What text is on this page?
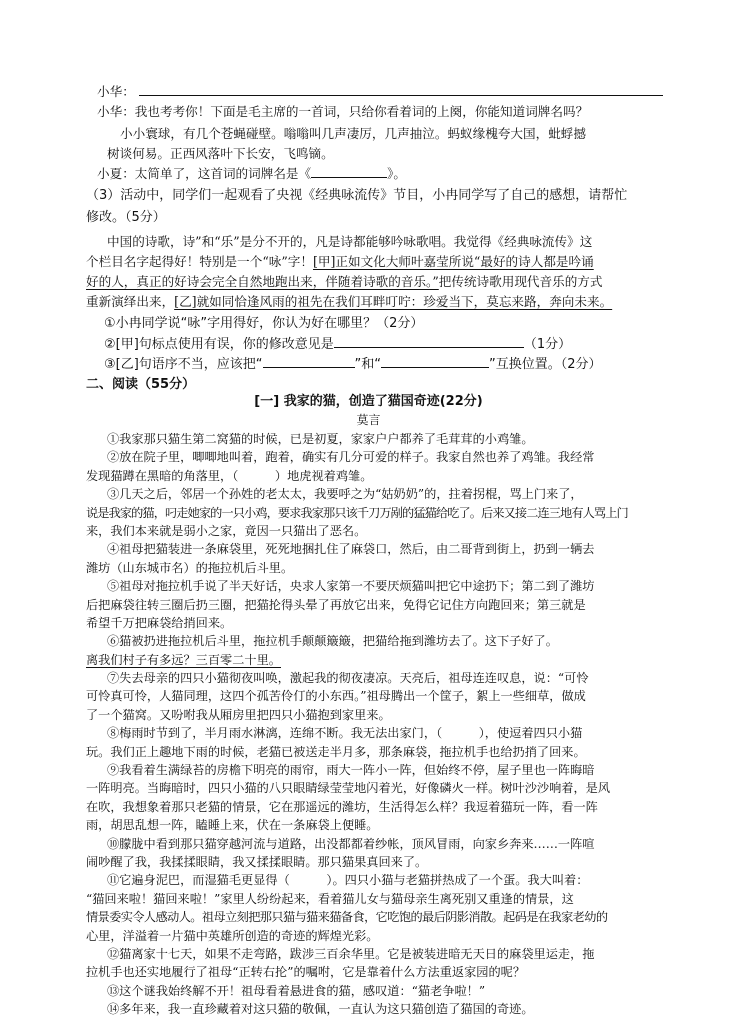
小华：
小华：我也考考你！下面是毛主席的一首词，只给你看着词的上阕，你能知道词牌名吗？
小小寰球，有几个苍蝇碰壁。嗡嗡叫几声凄厉，几声抽泣。蚂蚁缘槐夸大国，蚍蜉撼
树谈何易。正西风落叶下长安，飞鸣镝。
小夏：太简单了，这首词的词牌名是《	》。
（3）活动中，同学们一起观看了央视《经典咏流传》节目，小冉同学写了自己的感想，请帮忙
修改。（5分）
中国的诗歌，诗”和“乐”是分不开的，凡是诗都能够吟咏歌唱。我觉得《经典咏流传》这
个栏目名字起得好！特别是一个“咏”字！[甲]正如文化大师叶嘉莹所说“最好的诗人都是吟诵
好的人，真正的好诗会完全自然地跑出来，伴随着诗歌的音乐。”把传统诗歌用现代音乐的方式
重新演绎出来，[乙]就如同恰逢风雨的祖先在我们耳畔叮咛：珍爱当下，莫忘来路，奔向未来。
①小冉同学说“咏”字用得好，你认为好在哪里？（2分）
②[甲]句标点使用有误，你的修改意见是	（1分）
③[乙]句语序不当，应该把“	”和“	”互换位置。（2分）
二、阅读（55分）
[一] 我家的猫，创造了猫国奇迹(22分)
莫言
①我家那只猫生第二窝猫的时候，已是初夏，家家户户都养了毛茸茸的小鸡雏。
②放在院子里，唧唧地叫着，跑着，确实有几分可爱的样子。我家自然也养了鸡雏。我经常
发现猫蹲在黑暗的角落里，（　　　）地虎视着鸡雏。
③几天之后，邻居一个孙姓的老太太，我要呼之为“姑奶奶”的，拄着拐棍，骂上门来了，
说是我家的猫，叼走她家的一只小鸡，要求我家那只该千刀万剐的猛猫给吃了。后来又接二连三地有人骂上门
来，我们本来就是弱小之家，竟因一只猫出了恶名。
④祖母把猫装进一条麻袋里，死死地捆扎住了麻袋口，然后，由二哥背到街上，扔到一辆去
潍坊（山东城市名）的拖拉机后斗里。
⑤祖母对拖拉机手说了半天好话，央求人家第一不要厌烦猫叫把它中途扔下；第二到了潍坊
后把麻袋往转三圈后扔三圈，把猫抡得头晕了再放它出来，免得它记住方向跑回来；第三就是
希望千万把麻袋给捎回来。
⑥猫被扔进拖拉机后斗里，拖拉机手颠颠簸簸，把猫给拖到潍坊去了。这下子好了。
离我们村子有多远？三百零二十里。
⑦失去母亲的四只小猫彻夜叫唤，激起我的彻夜凄凉。天亮后，祖母连连叹息，说：“可怜
可怜真可怜，人猫同理，这四个孤苦伶仃的小东西。”祖母腾出一个筐子，絮上一些细草，做成
了一个猫窝。又吩咐我从厢房里把四只小猫抱到家里来。
⑧梅雨时节到了，半月雨水淋漓，连绵不断。我无法出家门，（　　　），使逗着四只小猫
玩。我们正上趣地下雨的时候，老猫已被送走半月多，那条麻袋，拖拉机手也给扔捎了回来。
⑨我看着生满绿苔的房檐下明亮的雨帘，雨大一阵小一阵，但始终不停，屋子里也一阵晦暗
一阵明亮。当晦暗时，四只小猫的八只眼睛绿莹莹地闪着光，好像磷火一样。树叶沙沙响着，是风
在吹，我想象着那只老猫的情景，它在那遥远的潍坊，生活得怎么样？我逗着猫玩一阵，看一阵
雨，胡思乱想一阵，瞌睡上来，伏在一条麻袋上便睡。
⑩朦胧中看到那只猫穿越河流与道路，出没都都着纱帐，顶风冒雨，向家乡奔来……一阵喧
闹吵醒了我，我揉揉眼睛，我又揉揉眼睛。那只猫果真回来了。
⑪它遍身泥巴，而湿猫毛更显得（　　　）。四只小猫与老猫拼热成了一个蛋。我大叫着：
“猫回来啦！猫回来啦！”家里人纷纷起来，看着猫儿女与猫母亲生离死别又重逢的情景，这
情景委实令人感动人。祖母立刻把那只猫与猫来猫备食，它吃饱的最后阴影消散。起码是在我家老幼的
心里，洋溢着一片猫中英雄所创造的奇迹的辉煌光彩。
⑫猫离家十七天，如果不走弯路，跋涉三百余华里。它是被装进暗无天日的麻袋里运走，拖
拉机手也还实地履行了祖母“正转右抡”的嘱咐，它是靠着什么方法重返家园的呢？
⑬这个谜我始终解不开！祖母看着悬进食的猫，感叹道：“猫老争啦！”
⑭多年来，我一直珍藏着对这只猫的敬佩，一直认为这只猫创造了猫国的奇迹。
